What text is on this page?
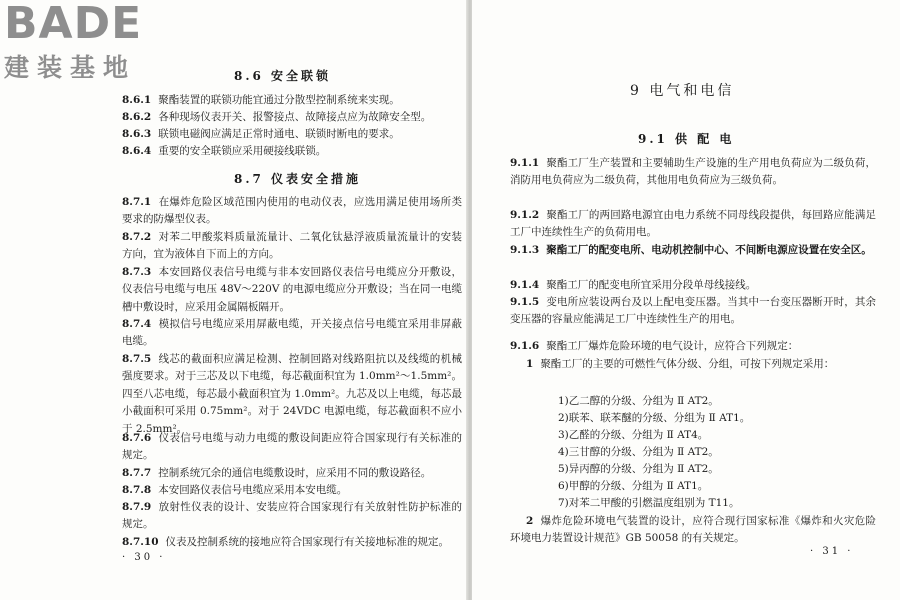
BADE
建装基地	8.6 安全联锁

8.6.1 聚酯装置的联锁功能宜通过分散型控制系统来实现。

8.6.2 各种现场仪表开关、报警接点、故障接点应为故障安全型。

8.6.3 联锁电磁阀应满足正常时通电、联锁时断电的要求。

8.6.4 重要的安全联锁应采用硬接线联锁。

8.7 仪表安全措施

8.7.1 在爆炸危险区域范围内使用的电动仪表，应选用满足使用场所类要求的防爆型仪表。

8.7.2 对苯二甲酸浆料质量流量计、二氧化钛悬浮液质量流量计的安装方向，宜为液体自下而上的方向。

8.7.3 本安回路仪表信号电缆与非本安回路仪表信号电缆应分开敷设，仪表信号电缆与电压 48V～220V 的电源电缆应分开敷设；当在同一电缆槽中敷设时，应采用金属隔板隔开。

8.7.4 模拟信号电缆应采用屏蔽电缆，开关接点信号电缆宜采用非屏蔽电缆。

8.7.5 线芯的截面积应满足检测、控制回路对线路阻抗以及线缆的机械强度要求。对于三芯及以下电缆，每芯截面积宜为 1.0mm²～1.5mm²。四至八芯电缆，每芯最小截面积宜为 1.0mm²。九芯及以上电缆，每芯最小截面积可采用 0.75mm²。对于 24VDC 电源电缆，每芯截面积不应小于 2.5mm²。

8.7.6 仪表信号电缆与动力电缆的敷设间距应符合国家现行有关标准的规定。

8.7.7 控制系统冗余的通信电缆敷设时，应采用不同的敷设路径。

8.7.8 本安回路仪表信号电缆应采用本安电缆。

8.7.9 放射性仪表的设计、安装应符合国家现行有关放射性防护标准的规定。

8.7.10 仪表及控制系统的接地应符合国家现行有关接地标准的规定。

· 30 ·
9 电气和电信
9.1 供 配 电

9.1.1 聚酯工厂生产装置和主要辅助生产设施的生产用电负荷应为二级负荷，消防用电负荷应为二级负荷，其他用电负荷应为三级负荷。

9.1.2 聚酯工厂的两回路电源宜由电力系统不同母线段提供，每回路应能满足工厂中连续性生产的负荷用电。

9.1.3 聚酯工厂的配变电所、电动机控制中心、不间断电源应设置在安全区。

9.1.4 聚酯工厂的配变电所宜采用分段单母线接线。

9.1.5 变电所应装设两台及以上配电变压器。当其中一台变压器断开时，其余变压器的容量应能满足工厂中连续性生产的用电。

9.1.6 聚酯工厂爆炸危险环境的电气设计，应符合下列规定：

1 聚酯工厂的主要的可燃性气体分级、分组，可按下列规定采用：

1)乙二醇的分级、分组为 Ⅱ AT2。
2)联苯、联苯醚的分级、分组为 Ⅱ AT1。
3)乙醛的分级、分组为 Ⅱ AT4。
4)三甘醇的分级、分组为 Ⅱ AT2。
5)异丙醇的分级、分组为 Ⅱ AT2。
6)甲醇的分级、分组为 Ⅱ AT1。
7)对苯二甲酸的引燃温度组别为 T11。

2 爆炸危险环境电气装置的设计，应符合现行国家标准《爆炸和火灾危险环境电力装置设计规范》GB 50058 的有关规定。

· 31 ·
